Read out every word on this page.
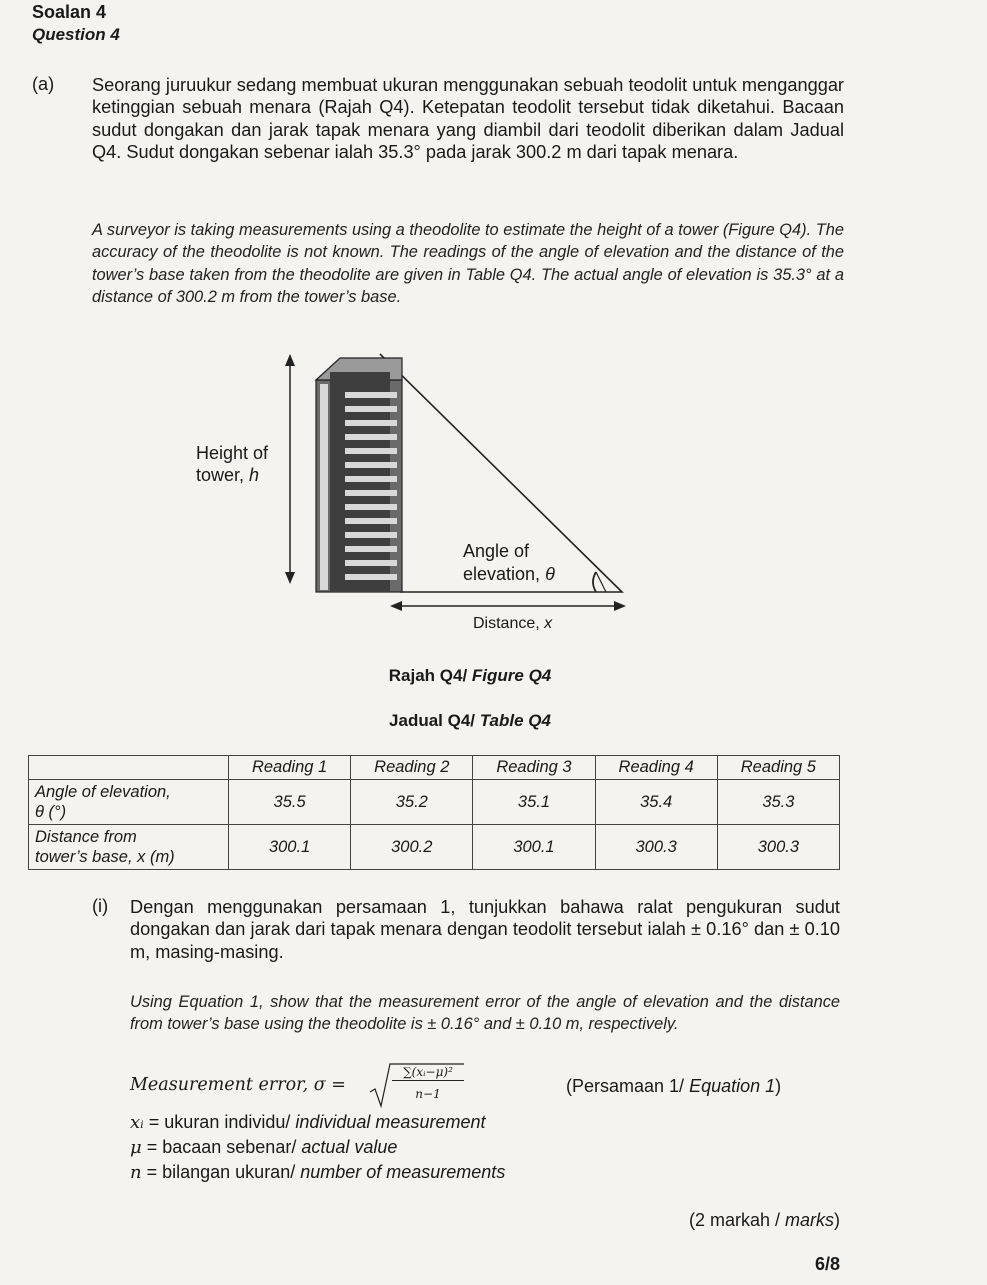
Soalan 4
Question 4
(a) Seorang juruukur sedang membuat ukuran menggunakan sebuah teodolit untuk menganggar ketinggian sebuah menara (Rajah Q4). Ketepatan teodolit tersebut tidak diketahui. Bacaan sudut dongakan dan jarak tapak menara yang diambil dari teodolit diberikan dalam Jadual Q4. Sudut dongakan sebenar ialah 35.3° pada jarak 300.2 m dari tapak menara.
A surveyor is taking measurements using a theodolite to estimate the height of a tower (Figure Q4). The accuracy of the theodolite is not known. The readings of the angle of elevation and the distance of the tower’s base taken from the theodolite are given in Table Q4. The actual angle of elevation is 35.3° at a distance of 300.2 m from the tower’s base.
Height of
tower, h
Angle of
elevation, θ
Distance, x
Rajah Q4/ Figure Q4
Jadual Q4/ Table Q4
	Reading 1	Reading 2	Reading 3	Reading 4	Reading 5

Angle of elevation,
θ (°)	35.5	35.2	35.1	35.4	35.3

Distance from
tower’s base, x (m)	300.1	300.2	300.1	300.3	300.3
(i) Dengan menggunakan persamaan 1, tunjukkan bahawa ralat pengukuran sudut dongakan dan jarak dari tapak menara dengan teodolit tersebut ialah ± 0.16° dan ± 0.10 m, masing-masing.
Using Equation 1, show that the measurement error of the angle of elevation and the distance from tower’s base using the theodolite is ± 0.16° and ± 0.10 m, respectively.
Measurement error, σ =
∑(xᵢ−μ)²
n−1	(Persamaan 1/ Equation 1)
xᵢ = ukuran individu/ individual measurement
μ = bacaan sebenar/ actual value
n = bilangan ukuran/ number of measurements
(2 markah / marks)
6/8
